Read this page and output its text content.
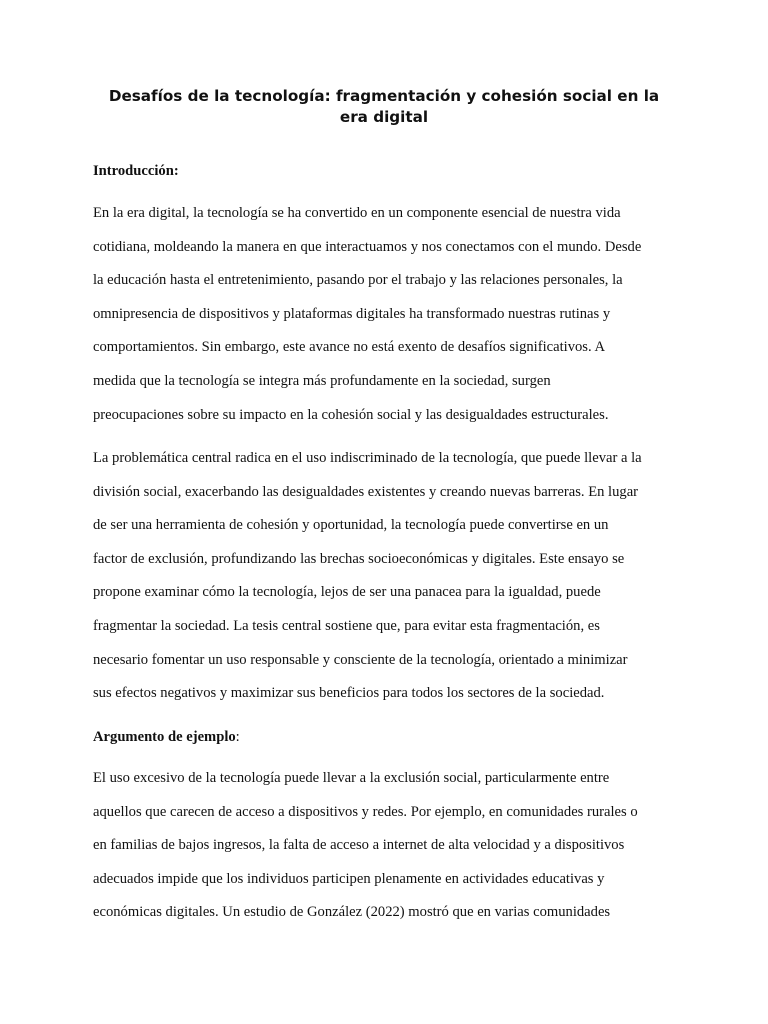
Desafíos de la tecnología: fragmentación y cohesión social en la
era digital

Introducción:

En la era digital, la tecnología se ha convertido en un componente esencial de nuestra vida
cotidiana, moldeando la manera en que interactuamos y nos conectamos con el mundo. Desde
la educación hasta el entretenimiento, pasando por el trabajo y las relaciones personales, la
omnipresencia de dispositivos y plataformas digitales ha transformado nuestras rutinas y
comportamientos. Sin embargo, este avance no está exento de desafíos significativos. A
medida que la tecnología se integra más profundamente en la sociedad, surgen
preocupaciones sobre su impacto en la cohesión social y las desigualdades estructurales.
La problemática central radica en el uso indiscriminado de la tecnología, que puede llevar a la
división social, exacerbando las desigualdades existentes y creando nuevas barreras. En lugar
de ser una herramienta de cohesión y oportunidad, la tecnología puede convertirse en un
factor de exclusión, profundizando las brechas socioeconómicas y digitales. Este ensayo se
propone examinar cómo la tecnología, lejos de ser una panacea para la igualdad, puede
fragmentar la sociedad. La tesis central sostiene que, para evitar esta fragmentación, es
necesario fomentar un uso responsable y consciente de la tecnología, orientado a minimizar
sus efectos negativos y maximizar sus beneficios para todos los sectores de la sociedad.

Argumento de ejemplo:

El uso excesivo de la tecnología puede llevar a la exclusión social, particularmente entre
aquellos que carecen de acceso a dispositivos y redes. Por ejemplo, en comunidades rurales o
en familias de bajos ingresos, la falta de acceso a internet de alta velocidad y a dispositivos
adecuados impide que los individuos participen plenamente en actividades educativas y
económicas digitales. Un estudio de González (2022) mostró que en varias comunidades
